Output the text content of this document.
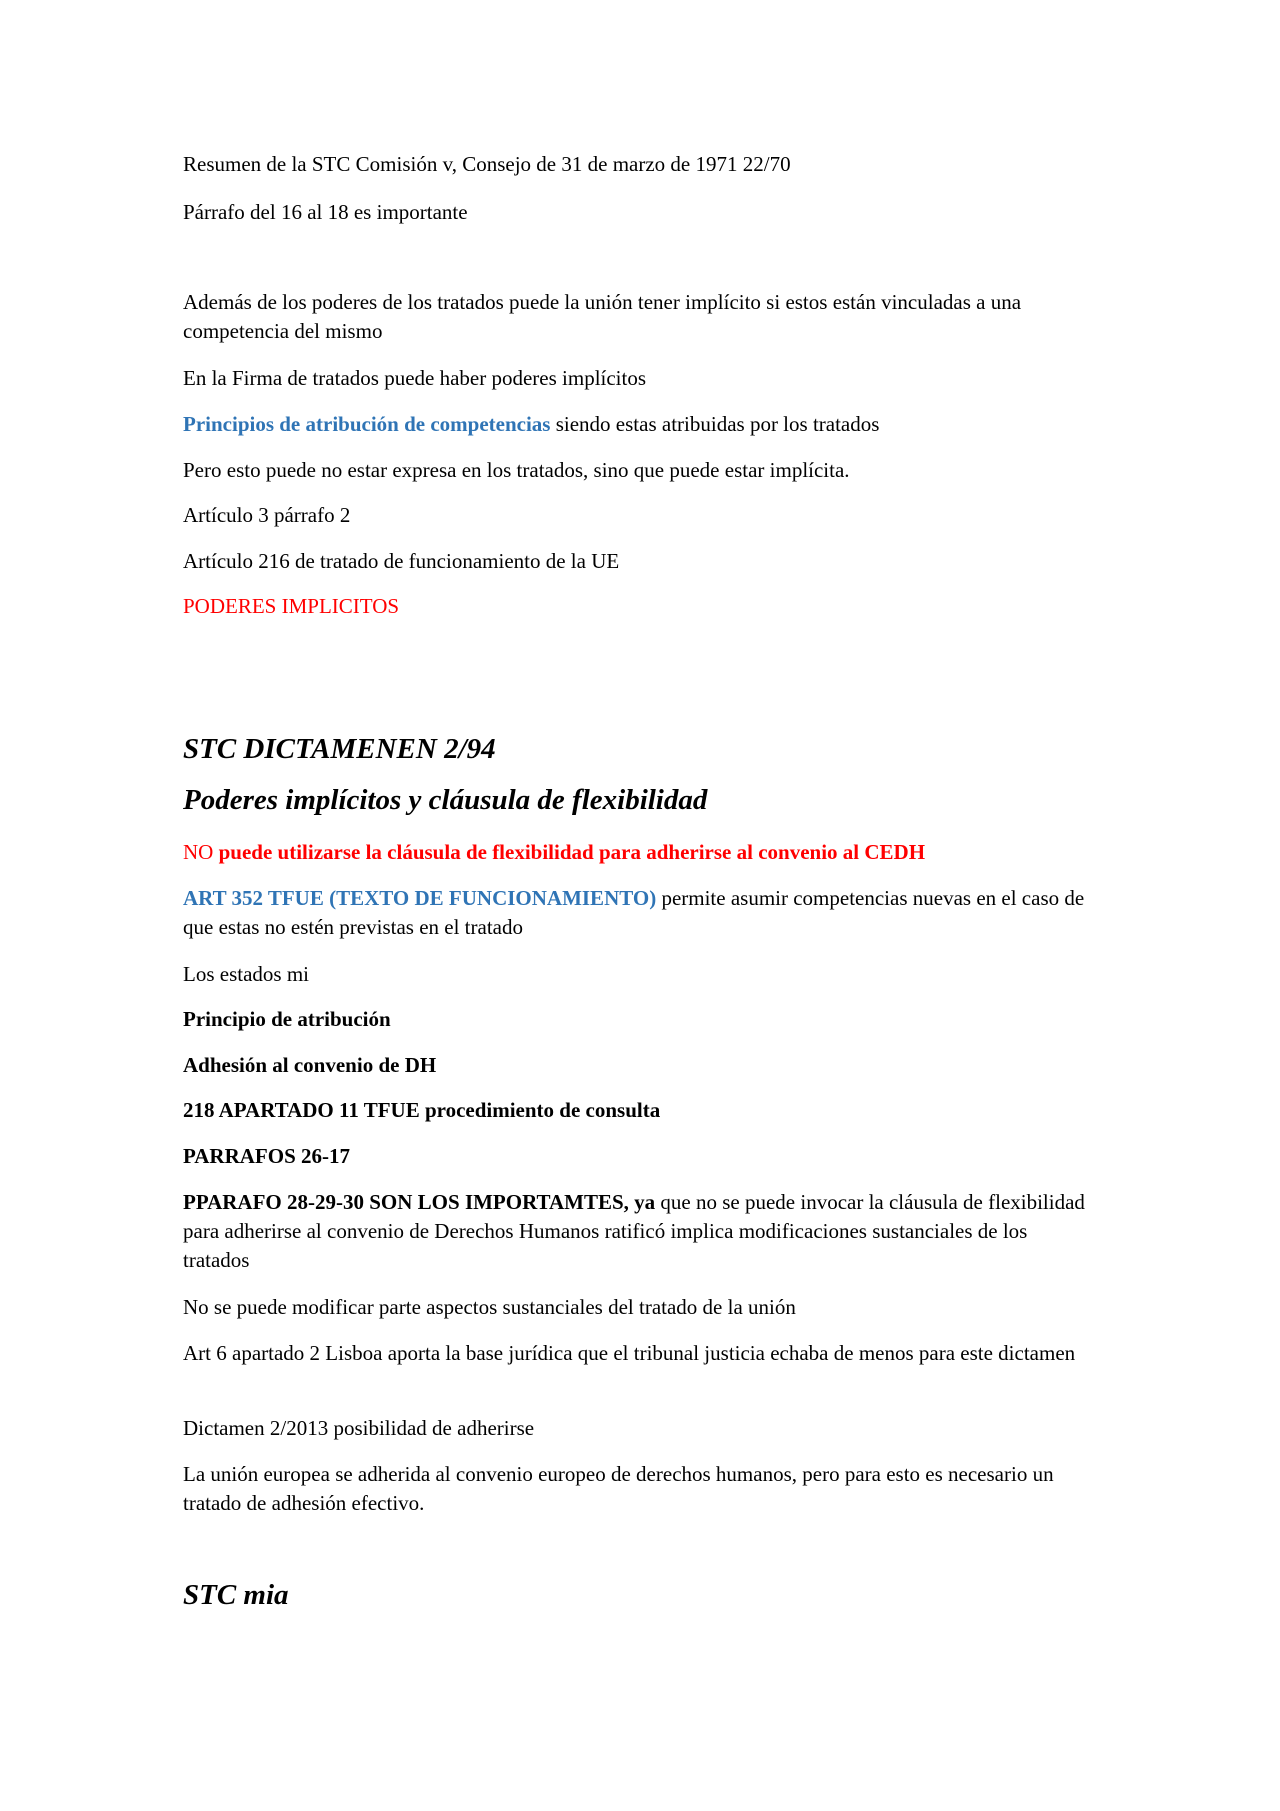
Resumen de la STC Comisión v, Consejo de 31 de marzo de 1971 22/70

Párrafo del 16 al 18 es importante

Además de los poderes de los tratados puede la unión tener implícito si estos están vinculadas a una competencia del mismo

En la Firma de tratados puede haber poderes implícitos

Principios de atribución de competencias siendo estas atribuidas por los tratados

Pero esto puede no estar expresa en los tratados, sino que puede estar implícita.

Artículo 3 párrafo 2

Artículo 216 de tratado de funcionamiento de la UE

PODERES IMPLICITOS

STC DICTAMENEN 2/94
Poderes implícitos y cláusula de flexibilidad

NO puede utilizarse la cláusula de flexibilidad para adherirse al convenio al CEDH

ART 352 TFUE (TEXTO DE FUNCIONAMIENTO) permite asumir competencias nuevas en el caso de que estas no estén previstas en el tratado

Los estados mi

Principio de atribución

Adhesión al convenio de DH

218 APARTADO 11 TFUE procedimiento de consulta

PARRAFOS 26-17

PPARAFO 28-29-30 SON LOS IMPORTAMTES, ya que no se puede invocar la cláusula de flexibilidad para adherirse al convenio de Derechos Humanos ratificó implica modificaciones sustanciales de los tratados

No se puede modificar parte aspectos sustanciales del tratado de la unión

Art 6 apartado 2 Lisboa aporta la base jurídica que el tribunal justicia echaba de menos para este dictamen

Dictamen 2/2013 posibilidad de adherirse

La unión europea se adherida al convenio europeo de derechos humanos, pero para esto es necesario un tratado de adhesión efectivo.

STC mia
